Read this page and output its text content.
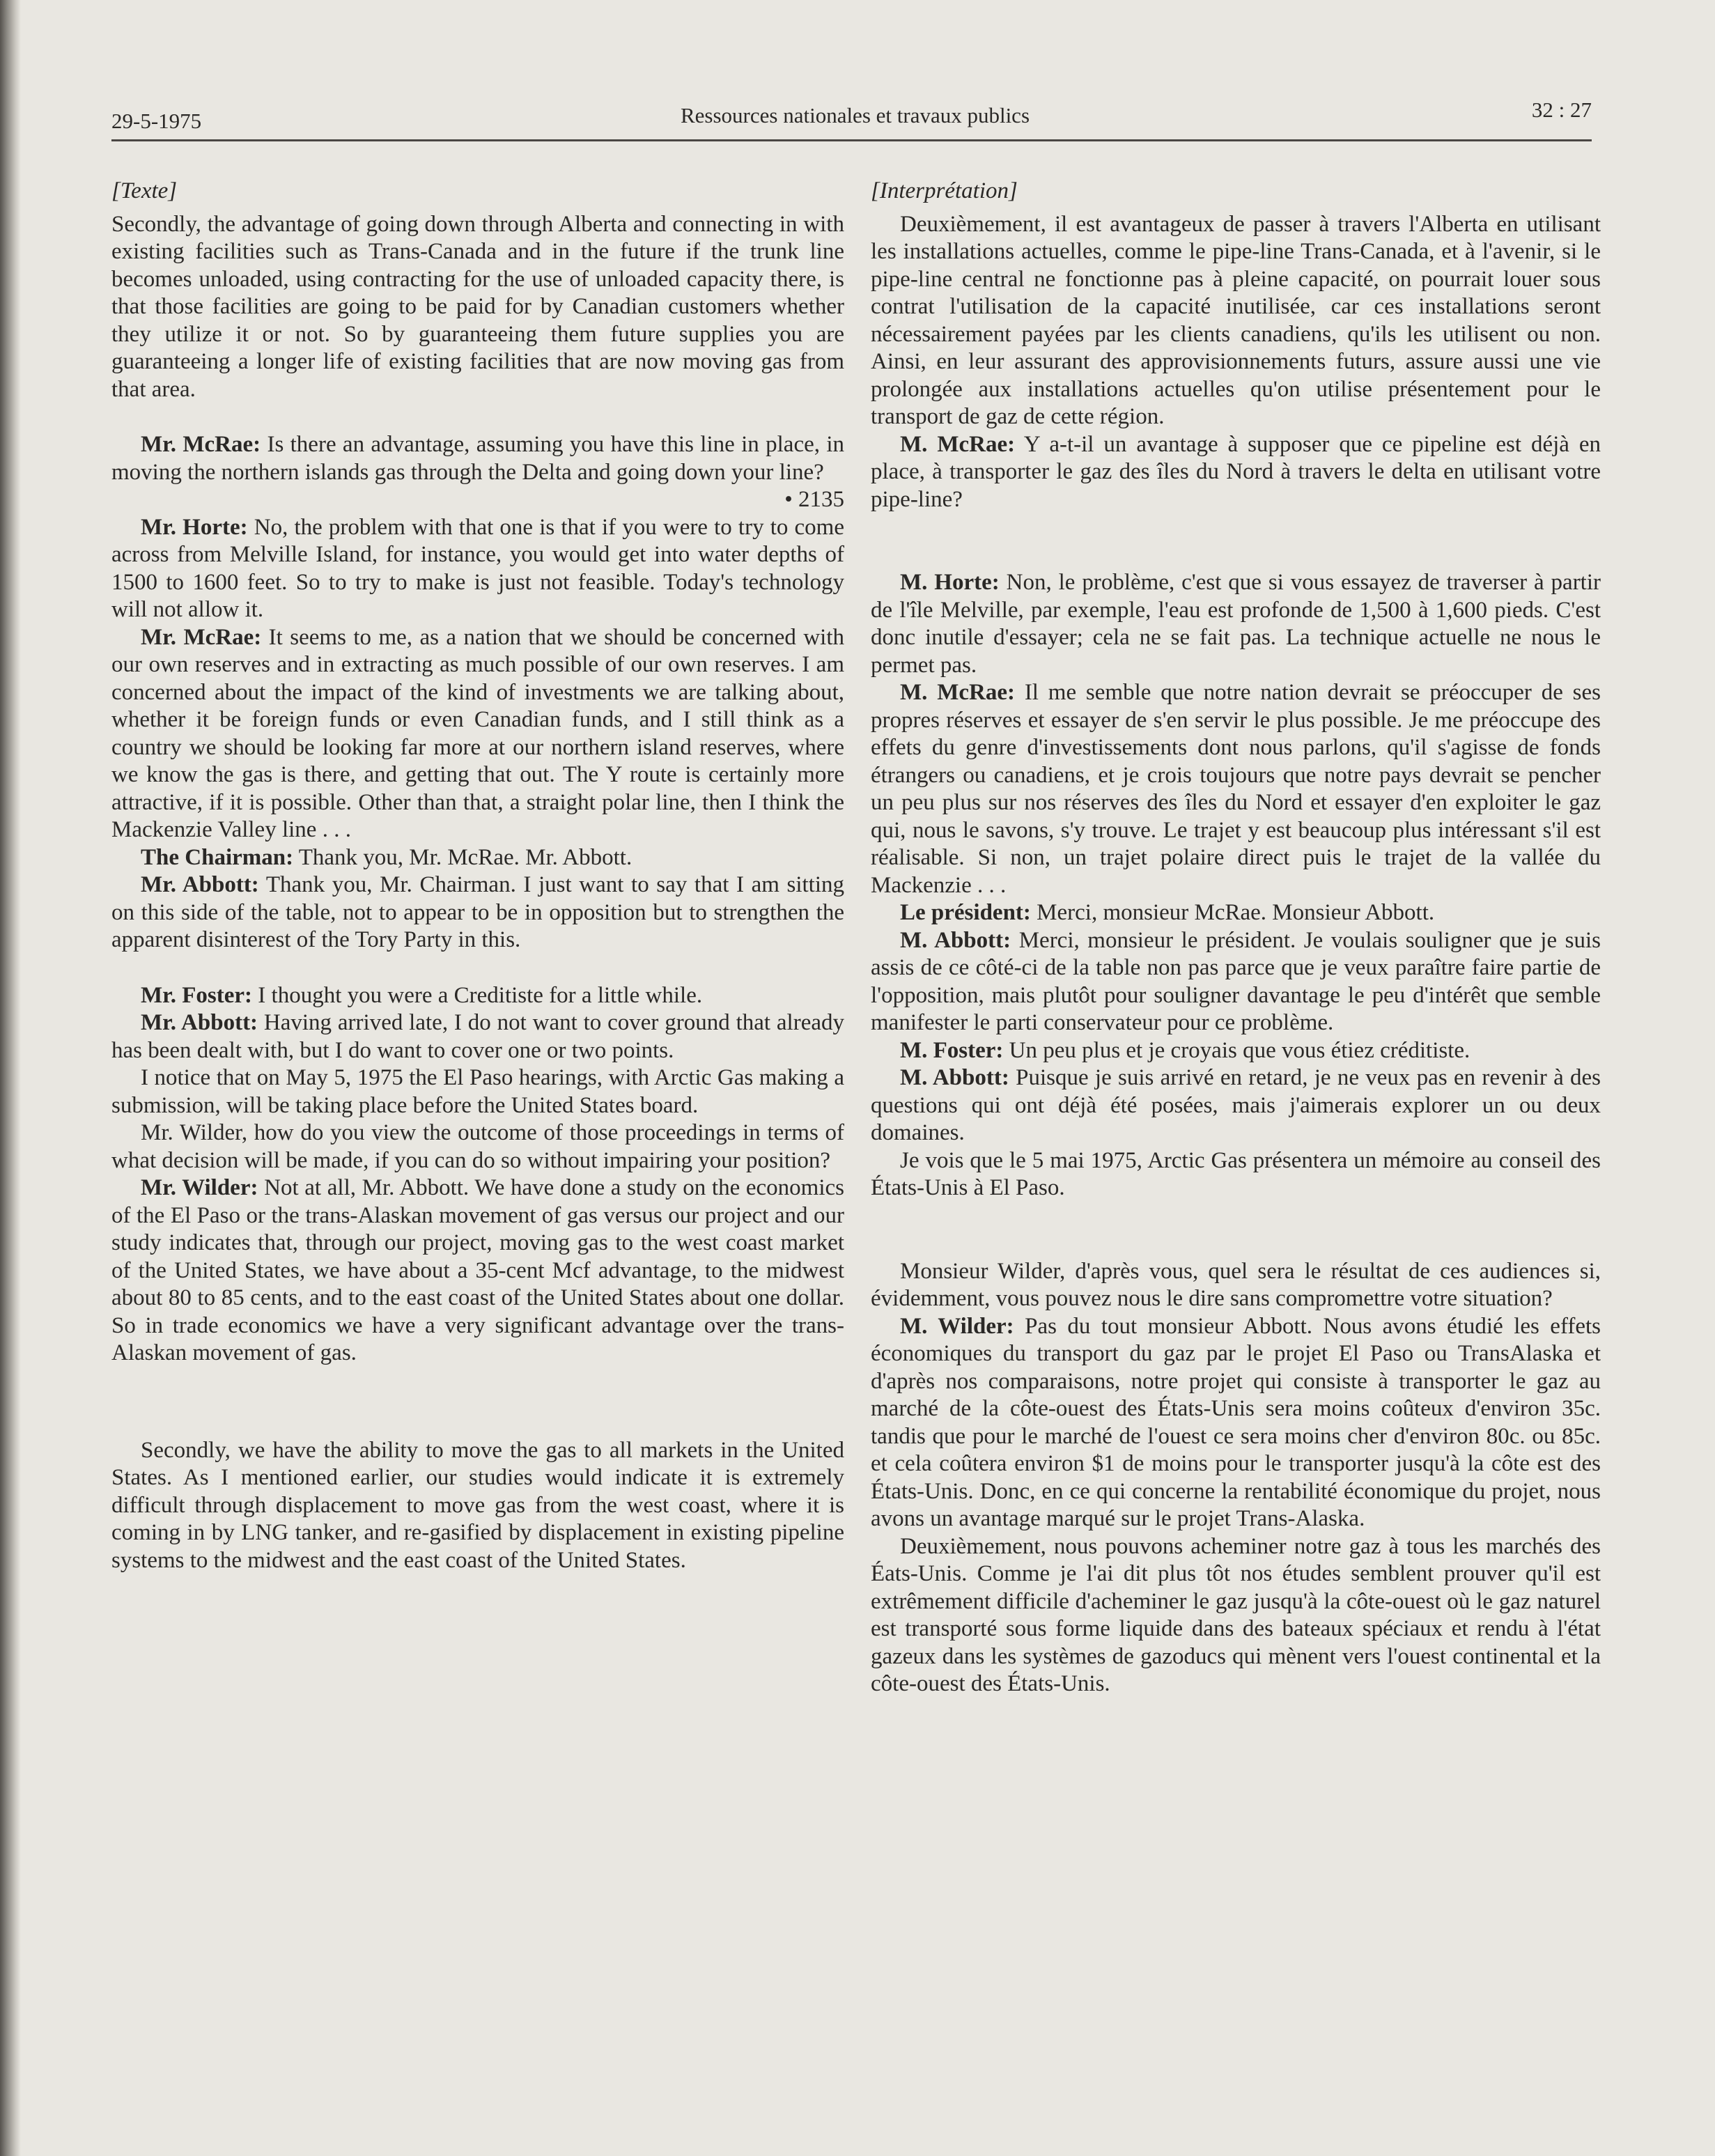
29-5-1975	Ressources nationales et travaux publics	32 : 27

[Texte]

Secondly, the advantage of going down through Alberta and connecting in with existing facilities such as Trans-Canada and in the future if the trunk line becomes unloaded, using contracting for the use of unloaded capacity there, is that those facilities are going to be paid for by Canadian customers whether they utilize it or not. So by guaranteeing them future supplies you are guaranteeing a longer life of existing facilities that are now moving gas from that area.

Mr. McRae: Is there an advantage, assuming you have this line in place, in moving the northern islands gas through the Delta and going down your line?

• 2135

Mr. Horte: No, the problem with that one is that if you were to try to come across from Melville Island, for instance, you would get into water depths of 1500 to 1600 feet. So to try to make is just not feasible. Today's technology will not allow it.

Mr. McRae: It seems to me, as a nation that we should be concerned with our own reserves and in extracting as much possible of our own reserves. I am concerned about the impact of the kind of investments we are talking about, whether it be foreign funds or even Canadian funds, and I still think as a country we should be looking far more at our northern island reserves, where we know the gas is there, and getting that out. The Y route is certainly more attractive, if it is possible. Other than that, a straight polar line, then I think the Mackenzie Valley line . . .

The Chairman: Thank you, Mr. McRae. Mr. Abbott.

Mr. Abbott: Thank you, Mr. Chairman. I just want to say that I am sitting on this side of the table, not to appear to be in opposition but to strengthen the apparent disinterest of the Tory Party in this.

Mr. Foster: I thought you were a Creditiste for a little while.

Mr. Abbott: Having arrived late, I do not want to cover ground that already has been dealt with, but I do want to cover one or two points.

I notice that on May 5, 1975 the El Paso hearings, with Arctic Gas making a submission, will be taking place before the United States board.

Mr. Wilder, how do you view the outcome of those proceedings in terms of what decision will be made, if you can do so without impairing your position?

Mr. Wilder: Not at all, Mr. Abbott. We have done a study on the economics of the El Paso or the trans-Alaskan movement of gas versus our project and our study indicates that, through our project, moving gas to the west coast market of the United States, we have about a 35-cent Mcf advantage, to the midwest about 80 to 85 cents, and to the east coast of the United States about one dollar. So in trade economics we have a very significant advantage over the trans-Alaskan movement of gas.

Secondly, we have the ability to move the gas to all markets in the United States. As I mentioned earlier, our studies would indicate it is extremely difficult through displacement to move gas from the west coast, where it is coming in by LNG tanker, and re-gasified by displacement in existing pipeline systems to the midwest and the east coast of the United States.

[Interprétation]

Deuxièmement, il est avantageux de passer à travers l'Alberta en utilisant les installations actuelles, comme le pipe-line Trans-Canada, et à l'avenir, si le pipe-line central ne fonctionne pas à pleine capacité, on pourrait louer sous contrat l'utilisation de la capacité inutilisée, car ces installations seront nécessairement payées par les clients canadiens, qu'ils les utilisent ou non. Ainsi, en leur assurant des approvisionnements futurs, assure aussi une vie prolongée aux installations actuelles qu'on utilise présentement pour le transport de gaz de cette région.

M. McRae: Y a-t-il un avantage à supposer que ce pipeline est déjà en place, à transporter le gaz des îles du Nord à travers le delta en utilisant votre pipe-line?

M. Horte: Non, le problème, c'est que si vous essayez de traverser à partir de l'île Melville, par exemple, l'eau est profonde de 1,500 à 1,600 pieds. C'est donc inutile d'essayer; cela ne se fait pas. La technique actuelle ne nous le permet pas.

M. McRae: Il me semble que notre nation devrait se préoccuper de ses propres réserves et essayer de s'en servir le plus possible. Je me préoccupe des effets du genre d'investissements dont nous parlons, qu'il s'agisse de fonds étrangers ou canadiens, et je crois toujours que notre pays devrait se pencher un peu plus sur nos réserves des îles du Nord et essayer d'en exploiter le gaz qui, nous le savons, s'y trouve. Le trajet y est beaucoup plus intéressant s'il est réalisable. Si non, un trajet polaire direct puis le trajet de la vallée du Mackenzie . . .

Le président: Merci, monsieur McRae. Monsieur Abbott.

M. Abbott: Merci, monsieur le président. Je voulais souligner que je suis assis de ce côté-ci de la table non pas parce que je veux paraître faire partie de l'opposition, mais plutôt pour souligner davantage le peu d'intérêt que semble manifester le parti conservateur pour ce problème.

M. Foster: Un peu plus et je croyais que vous étiez créditiste.

M. Abbott: Puisque je suis arrivé en retard, je ne veux pas en revenir à des questions qui ont déjà été posées, mais j'aimerais explorer un ou deux domaines.

Je vois que le 5 mai 1975, Arctic Gas présentera un mémoire au conseil des États-Unis à El Paso.

Monsieur Wilder, d'après vous, quel sera le résultat de ces audiences si, évidemment, vous pouvez nous le dire sans compromettre votre situation?

M. Wilder: Pas du tout monsieur Abbott. Nous avons étudié les effets économiques du transport du gaz par le projet El Paso ou TransAlaska et d'après nos comparaisons, notre projet qui consiste à transporter le gaz au marché de la côte-ouest des États-Unis sera moins coûteux d'environ 35c. tandis que pour le marché de l'ouest ce sera moins cher d'environ 80c. ou 85c. et cela coûtera environ $1 de moins pour le transporter jusqu'à la côte est des États-Unis. Donc, en ce qui concerne la rentabilité économique du projet, nous avons un avantage marqué sur le projet Trans-Alaska.

Deuxièmement, nous pouvons acheminer notre gaz à tous les marchés des Éats-Unis. Comme je l'ai dit plus tôt nos études semblent prouver qu'il est extrêmement difficile d'acheminer le gaz jusqu'à la côte-ouest où le gaz naturel est transporté sous forme liquide dans des bateaux spéciaux et rendu à l'état gazeux dans les systèmes de gazoducs qui mènent vers l'ouest continental et la côte-ouest des États-Unis.
